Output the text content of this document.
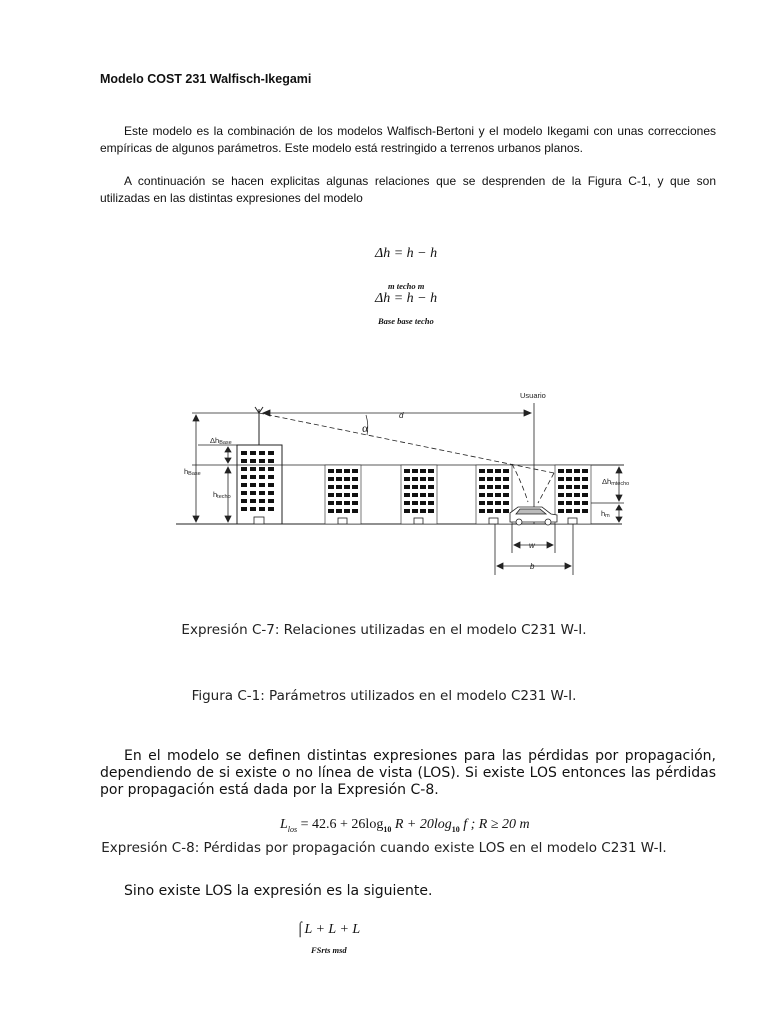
Modelo COST 231 Walfisch-Ikegami
Este modelo es la combinación de los modelos Walfisch-Bertoni y el modelo Ikegami con unas correcciones empíricas de algunos parámetros. Este modelo está restringido a terrenos urbanos planos.
A continuación se hacen explicitas algunas relaciones que se desprenden de la Figura C-1, y que son utilizadas en las distintas expresiones del modelo
Δh = h − h
m techo m
Δh = h − h
Base base techo
Usuario
d
α
ΔhBase
hBase
htecho
Δhmtecho
hm
w
b
Expresión C-7: Relaciones utilizadas en el modelo C231 W-I.
Figura C-1: Parámetros utilizados en el modelo C231 W-I.
En el modelo se definen distintas expresiones para las pérdidas por propagación, dependiendo de si existe o no línea de vista (LOS). Si existe LOS entonces las pérdidas por propagación está dada por la Expresión C-8.
$L_{los} = 42.6 + 26\log_{10}$ $R + 20\log_{10}$ f ; R ≥ 20 m
Expresión C-8: Pérdidas por propagación cuando existe LOS en el modelo C231 W-I.
Sino existe LOS la expresión es la siguiente.
⌠L + L + L
FSrts msd
